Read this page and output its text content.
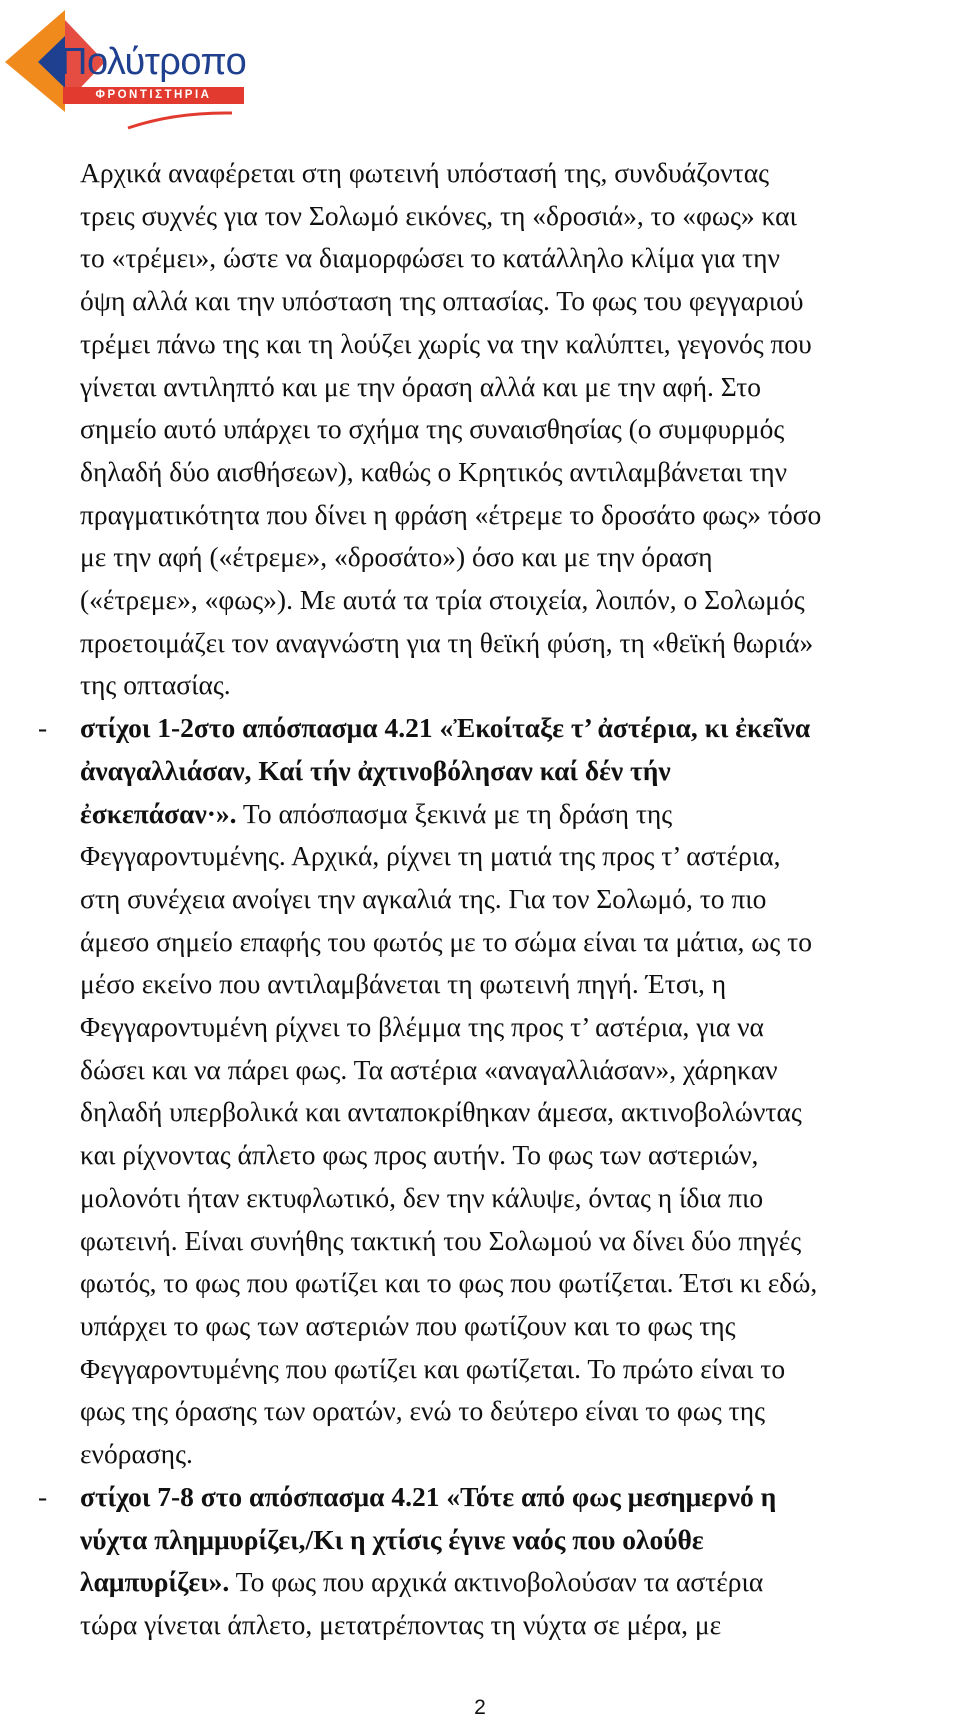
Πολύτροπο
ΦΡΟΝΤΙΣΤΗΡΙΑ
Αρχικά αναφέρεται στη φωτεινή υπόστασή της, συνδυάζοντας
τρεις συχνές για τον Σολωμό εικόνες, τη «δροσιά», το «φως» και
το «τρέμει», ώστε να διαμορφώσει το κατάλληλο κλίμα για την
όψη αλλά και την υπόσταση της οπτασίας. Το φως του φεγγαριού
τρέμει πάνω της και τη λούζει χωρίς να την καλύπτει, γεγονός που
γίνεται αντιληπτό και με την όραση αλλά και με την αφή. Στο
σημείο αυτό υπάρχει το σχήμα της συναισθησίας (ο συμφυρμός
δηλαδή δύο αισθήσεων), καθώς ο Κρητικός αντιλαμβάνεται την
πραγματικότητα που δίνει η φράση «έτρεμε το δροσάτο φως» τόσο
με την αφή («έτρεμε», «δροσάτο») όσο και με την όραση
(«έτρεμε», «φως»). Με αυτά τα τρία στοιχεία, λοιπόν, ο Σολωμός
προετοιμάζει τον αναγνώστη για τη θεϊκή φύση, τη «θεϊκή θωριά»
της οπτασίας.
- στίχοι 1-2στο απόσπασμα 4.21 «Ἐκοίταξε τ’ ἀστέρια, κι ἐκεῖνα
ἀναγαλλιάσαν, Καί τήν ἀχτινοβόλησαν καί δέν τήν
ἐσκεπάσαν·». Το απόσπασμα ξεκινά με τη δράση της
Φεγγαροντυμένης. Αρχικά, ρίχνει τη ματιά της προς τ’ αστέρια,
στη συνέχεια ανοίγει την αγκαλιά της. Για τον Σολωμό, το πιο
άμεσο σημείο επαφής του φωτός με το σώμα είναι τα μάτια, ως το
μέσο εκείνο που αντιλαμβάνεται τη φωτεινή πηγή. Έτσι, η
Φεγγαροντυμένη ρίχνει το βλέμμα της προς τ’ αστέρια, για να
δώσει και να πάρει φως. Τα αστέρια «αναγαλλιάσαν», χάρηκαν
δηλαδή υπερβολικά και ανταποκρίθηκαν άμεσα, ακτινοβολώντας
και ρίχνοντας άπλετο φως προς αυτήν. Το φως των αστεριών,
μολονότι ήταν εκτυφλωτικό, δεν την κάλυψε, όντας η ίδια πιο
φωτεινή. Είναι συνήθης τακτική του Σολωμού να δίνει δύο πηγές
φωτός, το φως που φωτίζει και το φως που φωτίζεται. Έτσι κι εδώ,
υπάρχει το φως των αστεριών που φωτίζουν και το φως της
Φεγγαροντυμένης που φωτίζει και φωτίζεται. Το πρώτο είναι το
φως της όρασης των ορατών, ενώ το δεύτερο είναι το φως της
ενόρασης.
- στίχοι 7-8 στο απόσπασμα 4.21 «Τότε από φως μεσημερνό η
νύχτα πλημμυρίζει,/Κι η χτίσις έγινε ναός που ολούθε
λαμπυρίζει». Το φως που αρχικά ακτινοβολούσαν τα αστέρια
τώρα γίνεται άπλετο, μετατρέποντας τη νύχτα σε μέρα, με
2
